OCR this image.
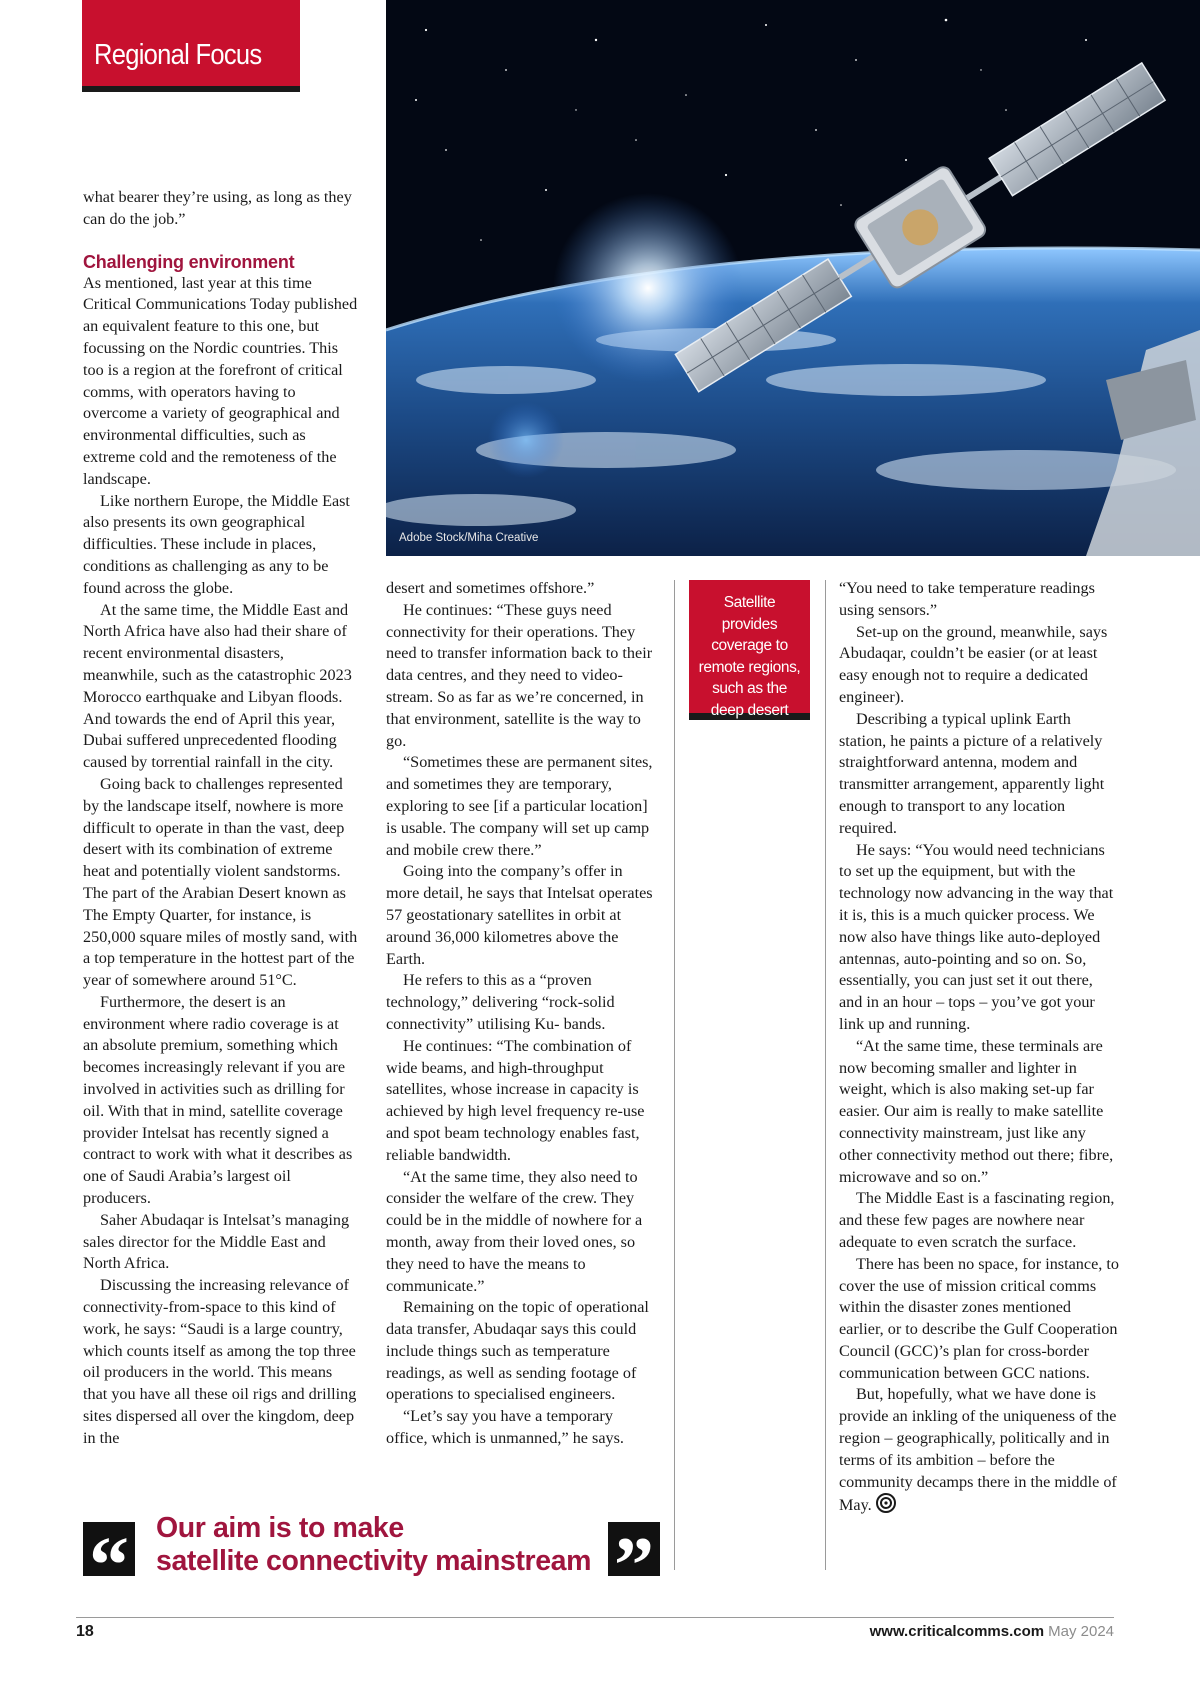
Regional Focus
Adobe Stock/Miha Creative

what bearer they’re using, as long as they can do the job.”

Challenging environment

As mentioned, last year at this time Critical Communications Today published an equivalent feature to this one, but focussing on the Nordic countries. This too is a region at the forefront of critical comms, with operators having to overcome a variety of geographical and environmental difficulties, such as extreme cold and the remoteness of the landscape.

Like northern Europe, the Middle East also presents its own geographical difficulties. These include in places, conditions as challenging as any to be found across the globe.

At the same time, the Middle East and North Africa have also had their share of recent environmental disasters, meanwhile, such as the catastrophic 2023 Morocco earthquake and Libyan floods. And towards the end of April this year, Dubai suffered unprecedented flooding caused by torrential rainfall in the city.

Going back to challenges represented by the landscape itself, nowhere is more difficult to operate in than the vast, deep desert with its combination of extreme heat and potentially violent sandstorms. The part of the Arabian Desert known as The Empty Quarter, for instance, is 250,000 square miles of mostly sand, with a top temperature in the hottest part of the year of somewhere around 51°C.

Furthermore, the desert is an environment where radio coverage is at an absolute premium, something which becomes increasingly relevant if you are involved in activities such as drilling for oil. With that in mind, satellite coverage provider Intelsat has recently signed a contract to work with what it describes as one of Saudi Arabia’s largest oil producers.

Saher Abudaqar is Intelsat’s managing sales director for the Middle East and North Africa.

Discussing the increasing relevance of connectivity-from-space to this kind of work, he says: “Saudi is a large country, which counts itself as among the top three oil producers in the world. This means that you have all these oil rigs and drilling sites dispersed all over the kingdom, deep in the

desert and sometimes offshore.”

He continues: “These guys need connectivity for their operations. They need to transfer information back to their data centres, and they need to video-stream. So as far as we’re concerned, in that environment, satellite is the way to go.

“Sometimes these are permanent sites, and sometimes they are temporary, exploring to see [if a particular location] is usable. The company will set up camp and mobile crew there.”

Going into the company’s offer in more detail, he says that Intelsat operates 57 geostationary satellites in orbit at around 36,000 kilometres above the Earth.

He refers to this as a “proven technology,” delivering “rock-solid connectivity” utilising Ku- bands.

He continues: “The combination of wide beams, and high-throughput satellites, whose increase in capacity is achieved by high level frequency re-use and spot beam technology enables fast, reliable bandwidth.

“At the same time, they also need to consider the welfare of the crew. They could be in the middle of nowhere for a month, away from their loved ones, so they need to have the means to communicate.”

Remaining on the topic of operational data transfer, Abudaqar says this could include things such as temperature readings, as well as sending footage of operations to specialised engineers.

“Let’s say you have a temporary office, which is unmanned,” he says.

Satellite provides coverage to remote regions, such as the deep desert

“You need to take temperature readings using sensors.”

Set-up on the ground, meanwhile, says Abudaqar, couldn’t be easier (or at least easy enough not to require a dedicated engineer).

Describing a typical uplink Earth station, he paints a picture of a relatively straightforward antenna, modem and transmitter arrangement, apparently light enough to transport to any location required.

He says: “You would need technicians to set up the equipment, but with the technology now advancing in the way that it is, this is a much quicker process. We now also have things like auto-deployed antennas, auto-pointing and so on. So, essentially, you can just set it out there, and in an hour – tops – you’ve got your link up and running.

“At the same time, these terminals are now becoming smaller and lighter in weight, which is also making set-up far easier. Our aim is really to make satellite connectivity mainstream, just like any other connectivity method out there; fibre, microwave and so on.”

The Middle East is a fascinating region, and these few pages are nowhere near adequate to even scratch the surface.

There has been no space, for instance, to cover the use of mission critical comms within the disaster zones mentioned earlier, or to describe the Gulf Cooperation Council (GCC)’s plan for cross-border communication between GCC nations.

But, hopefully, what we have done is provide an inkling of the uniqueness of the region – geographically, politically and in terms of its ambition – before the community decamps there in the middle of May.

“ Our aim is to make
satellite connectivity mainstream ”
18	www.criticalcomms.com May 2024
